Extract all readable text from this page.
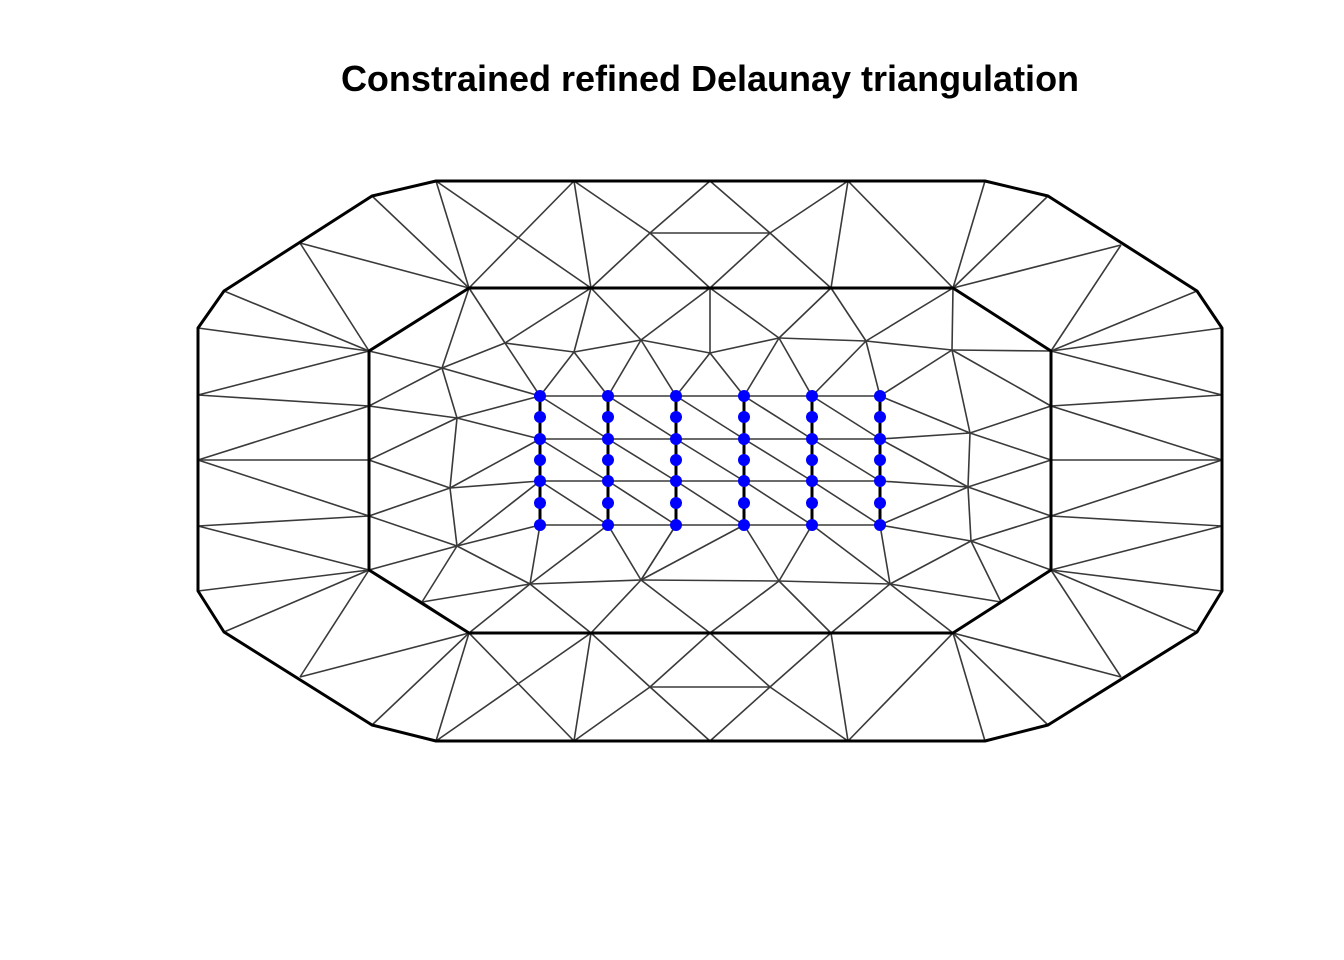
Constrained refined Delaunay triangulation
